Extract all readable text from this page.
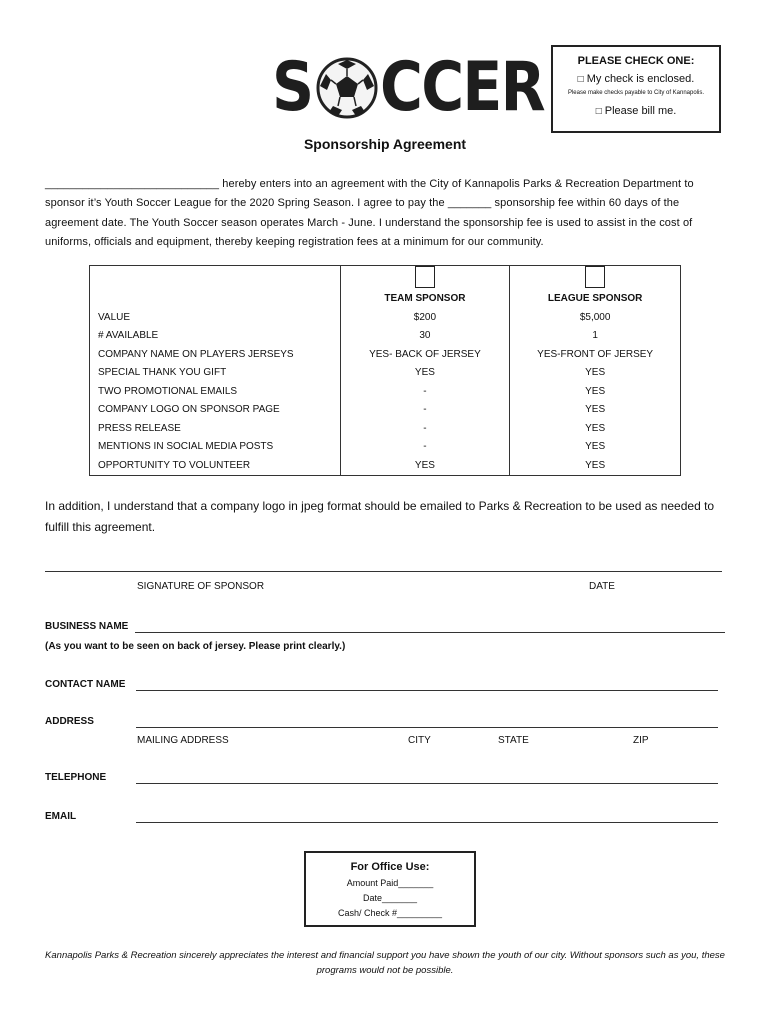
S CCER	PLEASE CHECK ONE:
□ My check is enclosed.
Please make checks payable to City of Kannapolis.
□ Please bill me.
Sponsorship Agreement
____________________________ hereby enters into an agreement with the City of Kannapolis Parks & Recreation Department to sponsor it’s Youth Soccer League for the 2020 Spring Season. I agree to pay the _______ sponsorship fee within 60 days of the agreement date. The Youth Soccer season operates March - June. I understand the sponsorship fee is used to assist in the cost of uniforms, officials and equipment, thereby keeping registration fees at a minimum for our community.

	TEAM SPONSOR	LEAGUE SPONSOR
VALUE	$200	$5,000
# AVAILABLE	30	1
COMPANY NAME ON PLAYERS JERSEYS	YES- BACK OF JERSEY	YES-FRONT OF JERSEY
SPECIAL THANK YOU GIFT	YES	YES
TWO PROMOTIONAL EMAILS	-	YES
COMPANY LOGO ON SPONSOR PAGE	-	YES
PRESS RELEASE	-	YES
MENTIONS IN SOCIAL MEDIA POSTS	-	YES
OPPORTUNITY TO VOLUNTEER	YES	YES
In addition, I understand that a company logo in jpeg format should be emailed to Parks & Recreation to be used as needed to fulfill this agreement.
SIGNATURE OF SPONSOR	DATE
BUSINESS NAME
(As you want to be seen on back of jersey. Please print clearly.)
CONTACT NAME
ADDRESS
MAILING ADDRESS	CITY	STATE	ZIP
TELEPHONE
EMAIL
For Office Use:
Amount Paid_______
Date_______
Cash/ Check #_________
Kannapolis Parks & Recreation sincerely appreciates the interest and financial support you have shown the youth of our city. Without sponsors such as you, these programs would not be possible.
